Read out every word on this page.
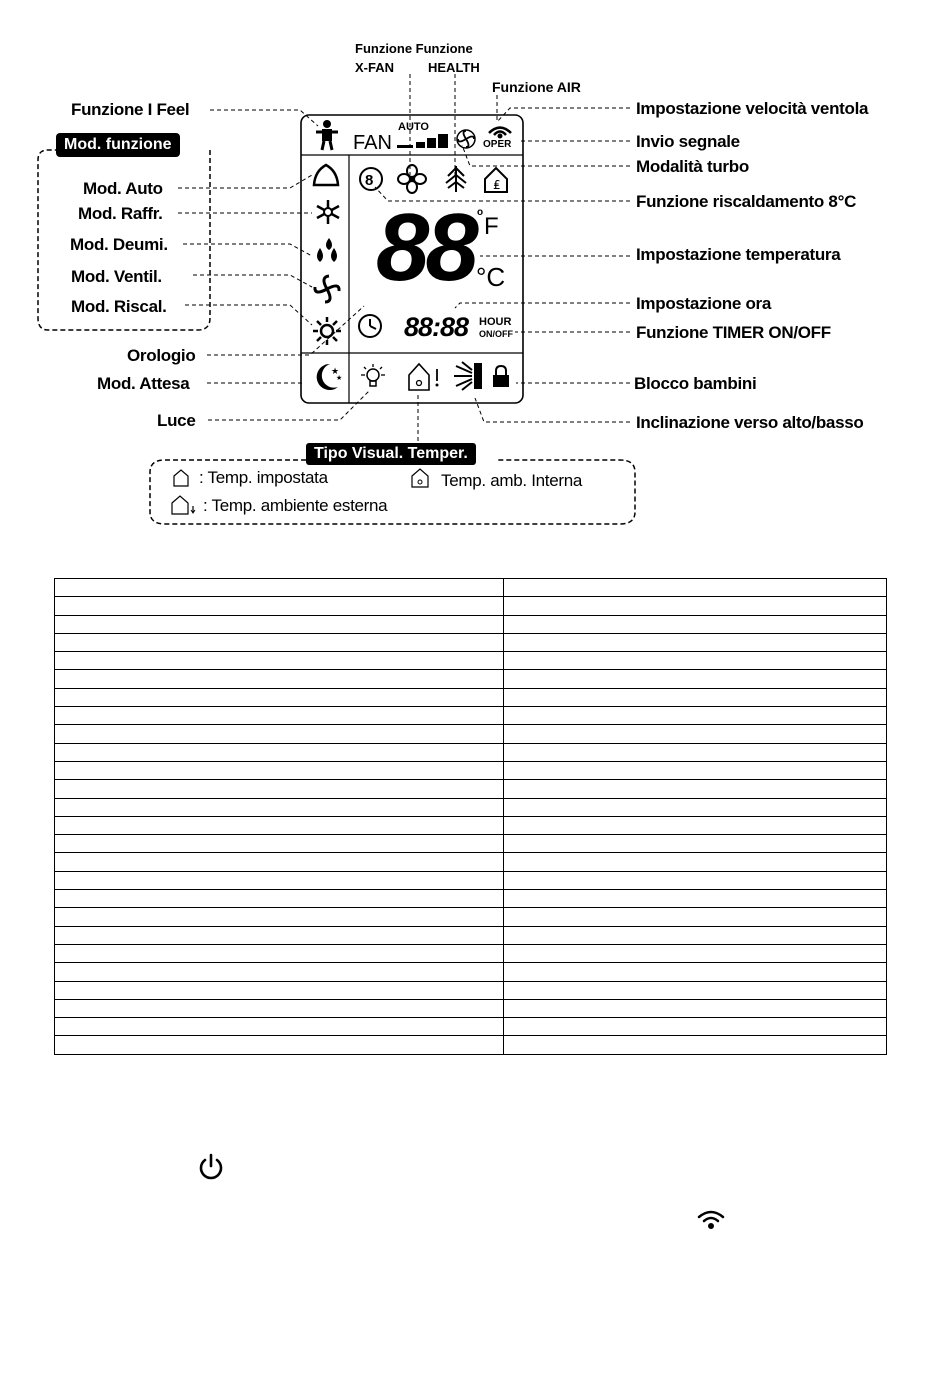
Funzione Funzione
X-FAN	HEALTH
Funzione AIR
Funzione I Feel
Mod. funzione
Mod. Auto
Mod. Raffr.
Mod. Deumi.
Mod. Ventil.
Mod. Riscal.
Orologio
Mod. Attesa
Luce
Impostazione velocità ventola
Invio segnale
Modalità turbo
Funzione riscaldamento 8°C
Impostazione temperatura
Impostazione ora
Funzione TIMER ON/OFF
Blocco bambini
Inclinazione verso alto/basso
FAN
AUTO
OPER
★
★
8	₤
88 o
F
°C
88:88 HOUR
ON/OFF
Tipo Visual. Temper.
: Temp. impostata	Temp. amb. Interna
: Temp. ambiente esterna
